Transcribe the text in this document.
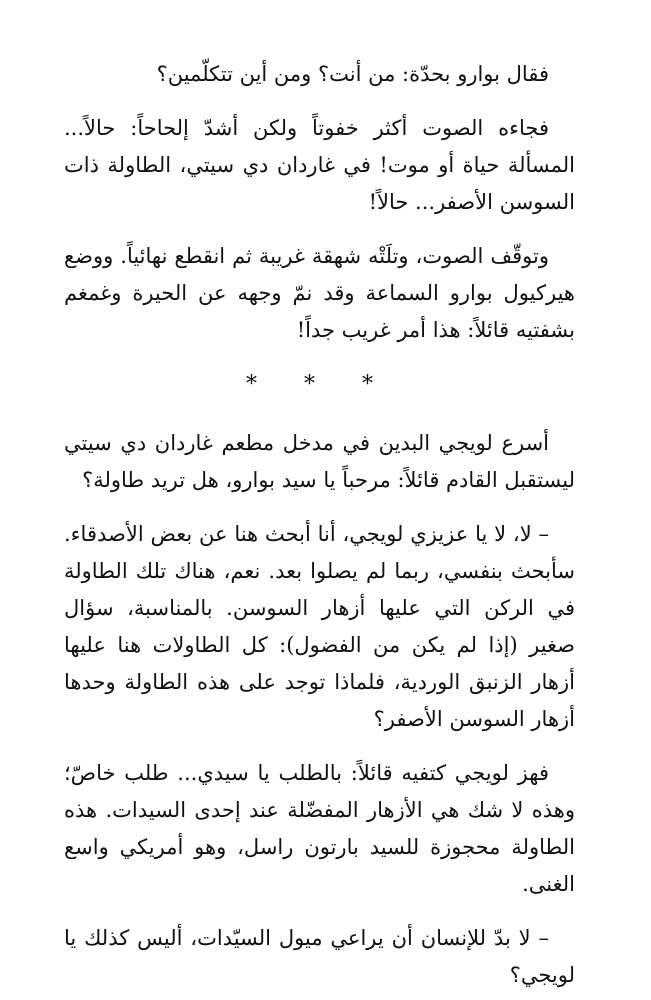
فقال بوارو بحدّة: من أنت؟ ومن أين تتكلّمين؟

فجاءه الصوت أكثر خفوتاً ولكن أشدّ إلحاحاً: حالاً... المسألة حياة أو موت! في غاردان دي سيتي، الطاولة ذات السوسن الأصفر... حالاً!

وتوقّف الصوت، وتلَتْه شهقة غريبة ثم انقطع نهائياً. ووضع هيركيول بوارو السماعة وقد نمّ وجهه عن الحيرة وغمغم بشفتيه قائلاً: هذا أمر غريب جداً!

* * *

أسرع لويجي البدين في مدخل مطعم غاردان دي سيتي ليستقبل القادم قائلاً: مرحباً يا سيد بوارو، هل تريد طاولة؟

– لا، لا يا عزيزي لويجي، أنا أبحث هنا عن بعض الأصدقاء. سأبحث بنفسي، ربما لم يصلوا بعد. نعم، هناك تلك الطاولة في الركن التي عليها أزهار السوسن. بالمناسبة، سؤال صغير (إذا لم يكن من الفضول): كل الطاولات هنا عليها أزهار الزنبق الوردية، فلماذا توجد على هذه الطاولة وحدها أزهار السوسن الأصفر؟

فهز لويجي كتفيه قائلاً: بالطلب يا سيدي... طلب خاصّ؛ وهذه لا شك هي الأزهار المفضّلة عند إحدى السيدات. هذه الطاولة محجوزة للسيد بارتون راسل، وهو أمريكي واسع الغنى.

– لا بدّ للإنسان أن يراعي ميول السيّدات، أليس كذلك يا لويجي؟
